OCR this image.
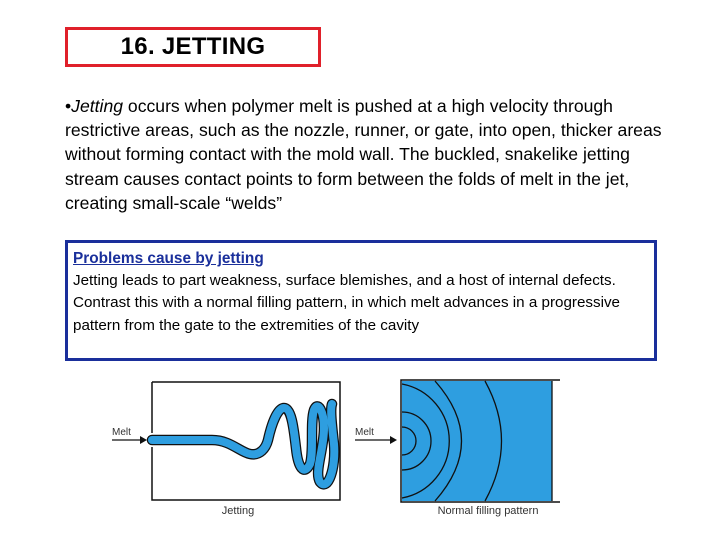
16. JETTING
•Jetting occurs when polymer melt is pushed at a high velocity through restrictive areas, such as the nozzle, runner, or gate, into open, thicker areas without forming contact with the mold wall. The buckled, snakelike jetting stream causes contact points to form between the folds of melt in the jet, creating small-scale “welds”
Problems cause by jetting
Jetting leads to part weakness, surface blemishes, and a host of internal defects. Contrast this with a normal filling pattern, in which melt advances in a progressive pattern from the gate to the extremities of the cavity
Melt
Jetting
Melt
Normal filling pattern
